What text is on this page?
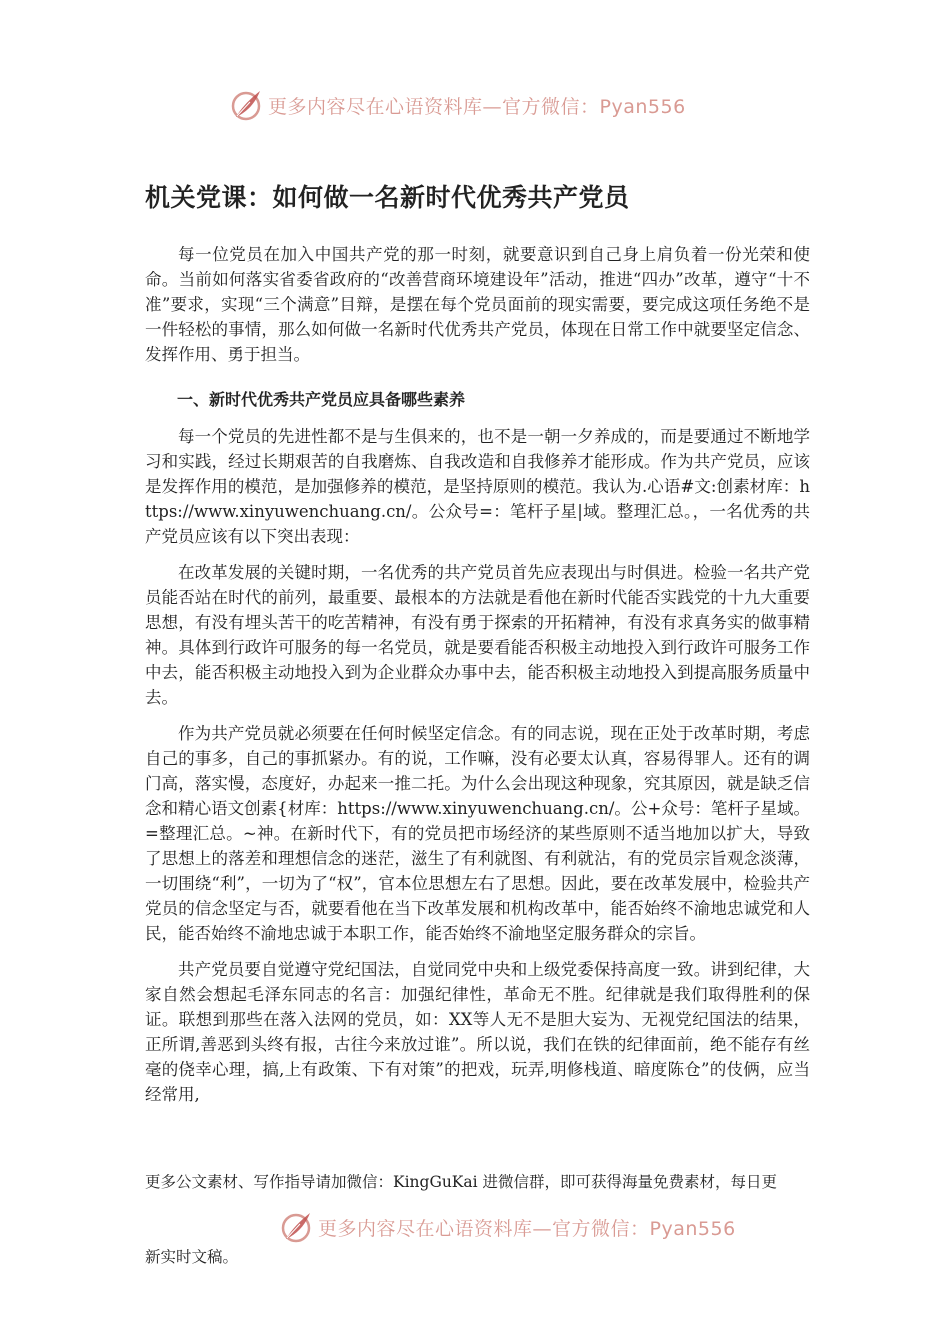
更多内容尽在心语资料库—官方微信：Pyan556
机关党课：如何做一名新时代优秀共产党员

每一位党员在加入中国共产党的那一时刻，就要意识到自己身上肩负着一份光荣和使命。当前如何落实省委省政府的“改善营商环境建设年”活动，推进“四办”改革，遵守“十不准”要求，实现“三个满意”目辩，是摆在每个党员面前的现实需要，要完成这项任务绝不是一件轻松的事情，那么如何做一名新时代优秀共产党员，体现在日常工作中就要坚定信念、发挥作用、勇于担当。

一、新时代优秀共产党员应具备哪些素养

每一个党员的先进性都不是与生俱来的，也不是一朝一夕养成的，而是要通过不断地学习和实践，经过长期艰苦的自我磨炼、自我改造和自我修养才能形成。作为共产党员，应该是发挥作用的模范，是加强修养的模范，是坚持原则的模范。我认为.心语#文:创素材库：https://www.xinyuwenchuang.cn/。公众号=：笔杆子星|域。整理汇总。，一名优秀的共产党员应该有以下突出表现：

在改革发展的关键时期，一名优秀的共产党员首先应表现出与时俱进。检验一名共产党员能否站在时代的前列，最重要、最根本的方法就是看他在新时代能否实践党的十九大重要思想，有没有埋头苦干的吃苦精神，有没有勇于探索的开拓精神，有没有求真务实的做事精神。具体到行政许可服务的每一名党员，就是要看能否积极主动地投入到行政许可服务工作中去，能否积极主动地投入到为企业群众办事中去，能否积极主动地投入到提高服务质量中去。

作为共产党员就必须要在任何时候坚定信念。有的同志说，现在正处于改革时期，考虑自己的事多，自己的事抓紧办。有的说，工作嘛，没有必要太认真，容易得罪人。还有的调门高，落实慢，态度好，办起来一推二托。为什么会出现这种现象，究其原因，就是缺乏信念和精心语文创素{材库：https://www.xinyuwenchuang.cn/。公+众号：笔杆子星域。=整理汇总。~神。在新时代下，有的党员把市场经济的某些原则不适当地加以扩大，导致了思想上的落差和理想信念的迷茫，滋生了有利就图、有利就沾，有的党员宗旨观念淡薄，一切围绕“利”，一切为了“权”，官本位思想左右了思想。因此，要在改革发展中，检验共产党员的信念坚定与否，就要看他在当下改革发展和机构改革中，能否始终不渝地忠诚党和人民，能否始终不渝地忠诚于本职工作，能否始终不渝地坚定服务群众的宗旨。

共产党员要自觉遵守党纪国法，自觉同党中央和上级党委保持高度一致。讲到纪律，大家自然会想起毛泽东同志的名言：加强纪律性，革命无不胜。纪律就是我们取得胜利的保证。联想到那些在落入法网的党员，如：XX等人无不是胆大妄为、无视党纪国法的结果，正所谓,善恶到头终有报，古往今来放过谁”。所以说，我们在铁的纪律面前，绝不能存有丝毫的侥幸心理，搞,上有政策、下有对策”的把戏，玩弄,明修栈道、暗度陈仓”的伎俩，应当经常用,

更多公文素材、写作指导请加微信：KingGuKai 进微信群，即可获得海量免费素材，每日更
更多内容尽在心语资料库—官方微信：Pyan556
新实时文稿。
